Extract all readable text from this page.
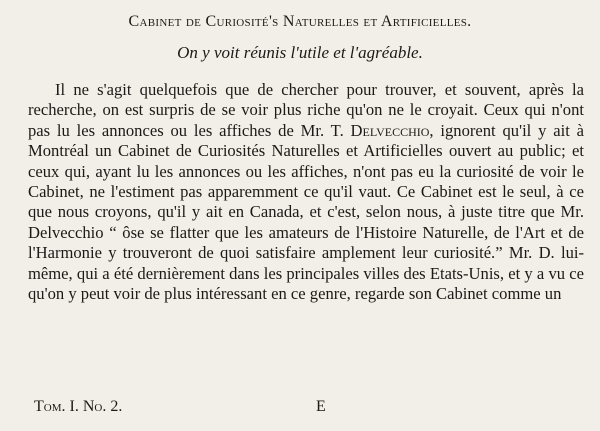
Cabinet de Curiosité's Naturelles et Artificielles.
On y voit réunis l'utile et l'agréable.
Il ne s'agit quelquefois que de chercher pour trouver, et souvent, après la recherche, on est surpris de se voir plus riche qu'on ne le croyait. Ceux qui n'ont pas lu les annonces ou les affiches de Mr. T. Delvecchio, ignorent qu'il y ait à Montréal un Cabinet de Curiosités Naturelles et Artificielles ouvert au public; et ceux qui, ayant lu les annonces ou les affiches, n'ont pas eu la curiosité de voir le Cabinet, ne l'estiment pas apparemment ce qu'il vaut. Ce Cabinet est le seul, à ce que nous croyons, qu'il y ait en Canada, et c'est, selon nous, à juste titre que Mr. Delvecchio “ ôse se flatter que les amateurs de l'Histoire Naturelle, de l'Art et de l'Harmonie y trouveront de quoi satisfaire amplement leur curiosité.” Mr. D. lui-même, qui a été dernièrement dans les principales villes des Etats-Unis, et y a vu ce qu'on y peut voir de plus intéressant en ce genre, regarde son Cabinet comme un
Tom. I. No. 2.	E
